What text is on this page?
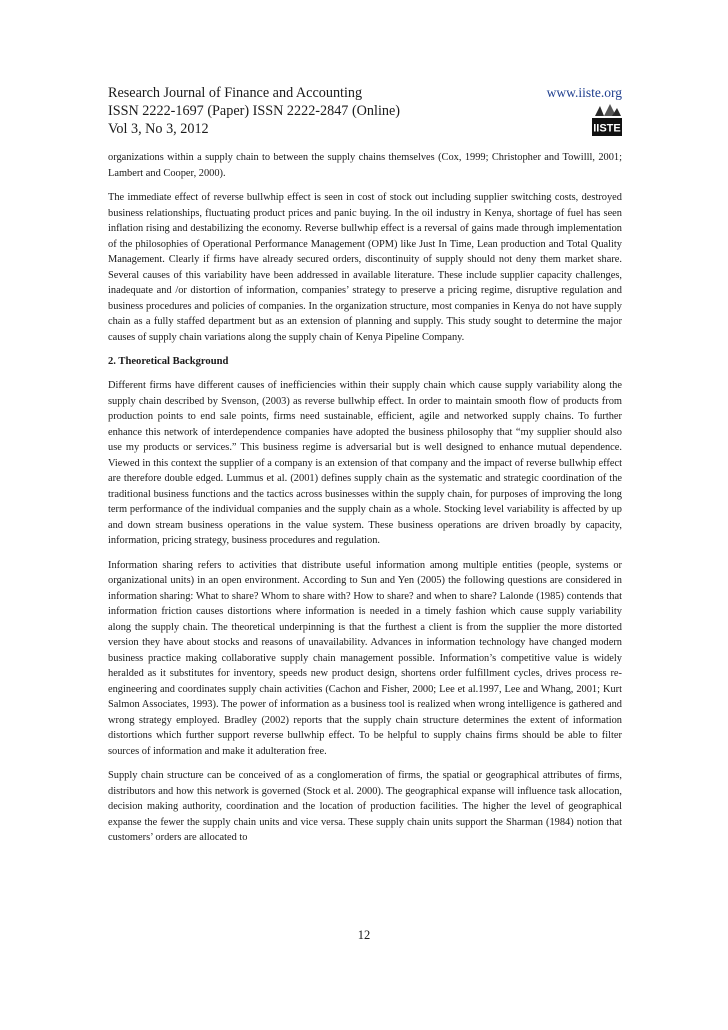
Research Journal of Finance and Accounting
ISSN 2222-1697 (Paper) ISSN 2222-2847 (Online)
Vol 3, No 3, 2012
www.iiste.org
IISTE

organizations within a supply chain to between the supply chains themselves (Cox, 1999; Christopher and Towilll, 2001; Lambert and Cooper, 2000).

The immediate effect of reverse bullwhip effect is seen in cost of stock out including supplier switching costs, destroyed business relationships, fluctuating product prices and panic buying. In the oil industry in Kenya, shortage of fuel has seen inflation rising and destabilizing the economy. Reverse bullwhip effect is a reversal of gains made through implementation of the philosophies of Operational Performance Management (OPM) like Just In Time, Lean production and Total Quality Management. Clearly if firms have already secured orders, discontinuity of supply should not deny them market share. Several causes of this variability have been addressed in available literature. These include supplier capacity challenges, inadequate and /or distortion of information, companies’ strategy to preserve a pricing regime, disruptive regulation and business procedures and policies of companies. In the organization structure, most companies in Kenya do not have supply chain as a fully staffed department but as an extension of planning and supply. This study sought to determine the major causes of supply chain variations along the supply chain of Kenya Pipeline Company.

2. Theoretical Background

Different firms have different causes of inefficiencies within their supply chain which cause supply variability along the supply chain described by Svenson, (2003) as reverse bullwhip effect. In order to maintain smooth flow of products from production points to end sale points, firms need sustainable, efficient, agile and networked supply chains. To further enhance this network of interdependence companies have adopted the business philosophy that “my supplier should also use my products or services.” This business regime is adversarial but is well designed to enhance mutual dependence. Viewed in this context the supplier of a company is an extension of that company and the impact of reverse bullwhip effect are therefore double edged. Lummus et al. (2001) defines supply chain as the systematic and strategic coordination of the traditional business functions and the tactics across businesses within the supply chain, for purposes of improving the long term performance of the individual companies and the supply chain as a whole. Stocking level variability is affected by up and down stream business operations in the value system. These business operations are driven broadly by capacity, information, pricing strategy, business procedures and regulation.

Information sharing refers to activities that distribute useful information among multiple entities (people, systems or organizational units) in an open environment. According to Sun and Yen (2005) the following questions are considered in information sharing: What to share? Whom to share with? How to share? and when to share? Lalonde (1985) contends that information friction causes distortions where information is needed in a timely fashion which cause supply variability along the supply chain. The theoretical underpinning is that the furthest a client is from the supplier the more distorted version they have about stocks and reasons of unavailability. Advances in information technology have changed modern business practice making collaborative supply chain management possible. Information’s competitive value is widely heralded as it substitutes for inventory, speeds new product design, shortens order fulfillment cycles, drives process re-engineering and coordinates supply chain activities (Cachon and Fisher, 2000; Lee et al.1997, Lee and Whang, 2001; Kurt Salmon Associates, 1993). The power of information as a business tool is realized when wrong intelligence is gathered and wrong strategy employed. Bradley (2002) reports that the supply chain structure determines the extent of information distortions which further support reverse bullwhip effect. To be helpful to supply chains firms should be able to filter sources of information and make it adulteration free.

Supply chain structure can be conceived of as a conglomeration of firms, the spatial or geographical attributes of firms, distributors and how this network is governed (Stock et al. 2000). The geographical expanse will influence task allocation, decision making authority, coordination and the location of production facilities. The higher the level of geographical expanse the fewer the supply chain units and vice versa. These supply chain units support the Sharman (1984) notion that customers’ orders are allocated to

12
